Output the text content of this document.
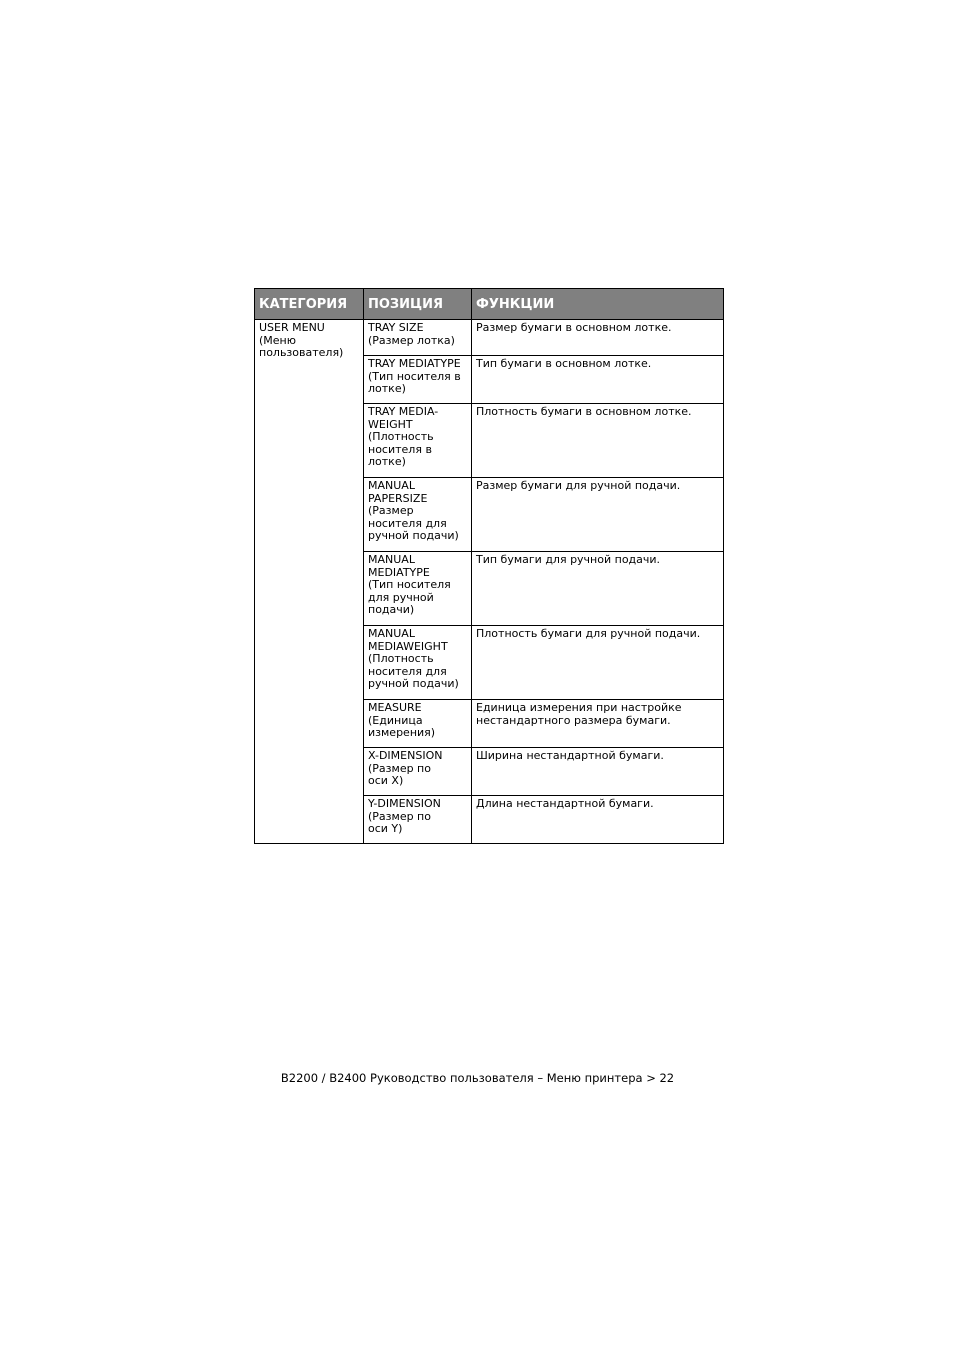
КАТЕГОРИЯ	ПОЗИЦИЯ	ФУНКЦИИ

USER MENU
(Меню
пользователя)	TRAY SIZE
(Размер лотка)	Размер бумаги в основном лотке.

	TRAY MEDIATYPE
(Тип носителя в
лотке)	Тип бумаги в основном лотке.

	TRAY MEDIA-
WEIGHT
(Плотность
носителя в
лотке)	Плотность бумаги в основном лотке.

	MANUAL
PAPERSIZE
(Размер
носителя для
ручной подачи)	Размер бумаги для ручной подачи.

	MANUAL
MEDIATYPE
(Тип носителя
для ручной
подачи)	Тип бумаги для ручной подачи.

	MANUAL
MEDIAWEIGHT
(Плотность
носителя для
ручной подачи)	Плотность бумаги для ручной подачи.

	MEASURE
(Единица
измерения)	Единица измерения при настройке
нестандартного размера бумаги.

	X-DIMENSION
(Размер по
оси X)	Ширина нестандартной бумаги.

	Y-DIMENSION
(Размер по
оси Y)	Длина нестандартной бумаги.
B2200 / B2400 Руководство пользователя – Меню принтера > 22
